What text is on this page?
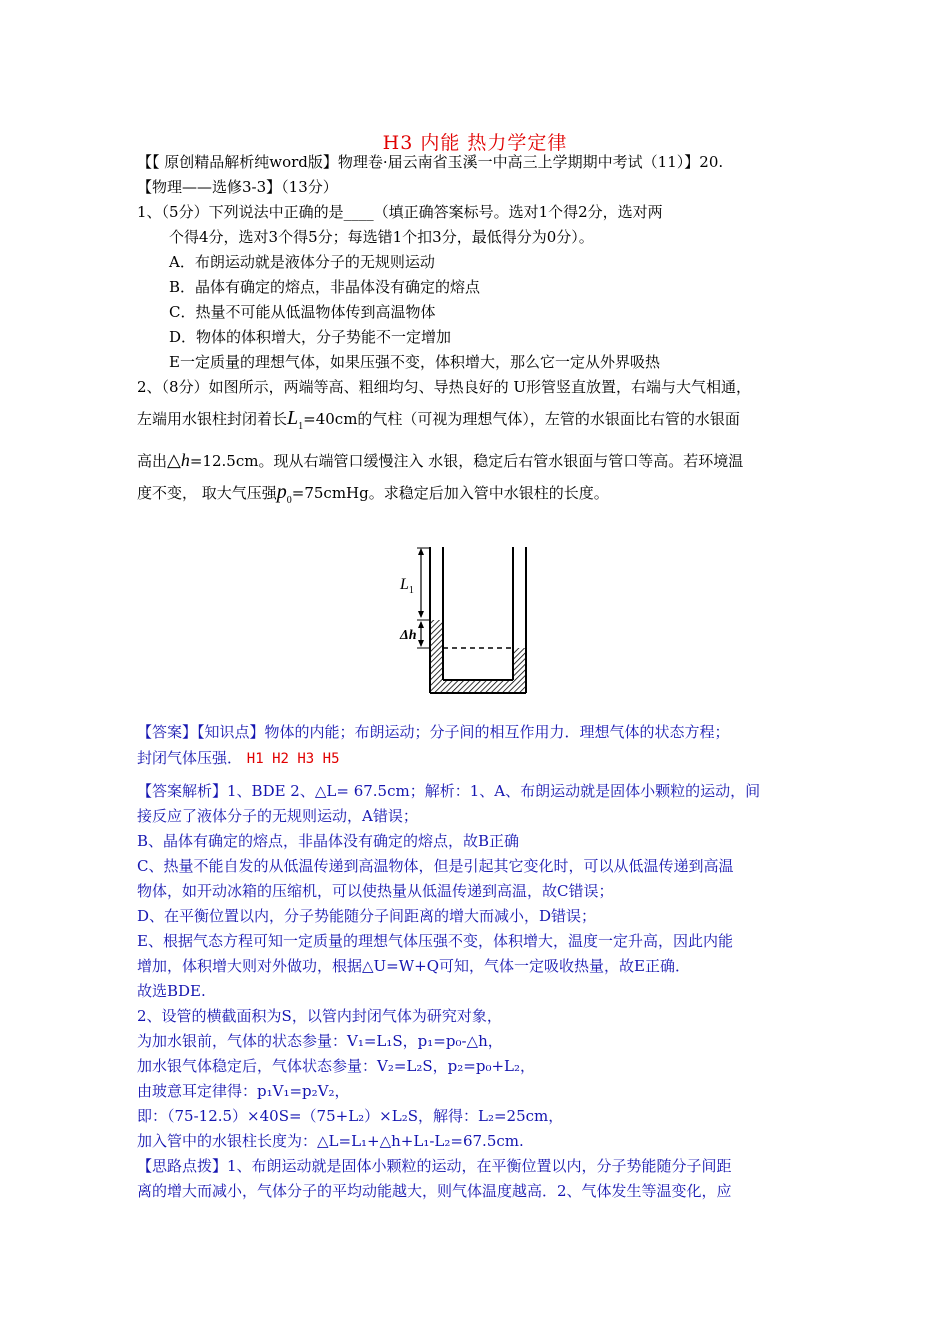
H3 内能 热力学定律
【【 原创精品解析纯word版】物理卷·届云南省玉溪一中高三上学期期中考试（11）】20.
【物理——选修3-3】（13分）
1、（5分）下列说法中正确的是____（填正确答案标号。选对1个得2分，选对两
个得4分，选对3个得5分；每选错1个扣3分，最低得分为0分）。
A．布朗运动就是液体分子的无规则运动
B．晶体有确定的熔点，非晶体没有确定的熔点
C．热量不可能从低温物体传到高温物体
D．物体的体积增大，分子势能不一定增加
E一定质量的理想气体，如果压强不变，体积增大，那么它一定从外界吸热
2、（8分）如图所示，两端等高、粗细均匀、导热良好的 U形管竖直放置，右端与大气相通，
左端用水银柱封闭着长$L_1=40cm$的气柱（可视为理想气体），左管的水银面比右管的水银面
高出△h=12.5cm。现从右端管口缓慢注入 水银，稳定后右管水银面与管口等高。若环境温
度不变， 取大气压强$p_0=75cmHg$。求稳定后加入管中水银柱的长度。
$L_1$
Δh
【答案】【知识点】物体的内能；布朗运动；分子间的相互作用力．理想气体的状态方程；
封闭气体压强． H1 H2 H3 H5
【答案解析】1、BDE 2、△L= 67.5cm；解析：1、A、布朗运动就是固体小颗粒的运动，间
接反应了液体分子的无规则运动，A错误；
B、晶体有确定的熔点，非晶体没有确定的熔点，故B正确
C、热量不能自发的从低温传递到高温物体，但是引起其它变化时，可以从低温传递到高温
物体，如开动冰箱的压缩机，可以使热量从低温传递到高温，故C错误；
D、在平衡位置以内，分子势能随分子间距离的增大而减小，D错误；
E、根据气态方程可知一定质量的理想气体压强不变，体积增大，温度一定升高，因此内能
增加，体积增大则对外做功，根据△U=W+Q可知，气体一定吸收热量，故E正确．
故选BDE.
2、设管的横截面积为S，以管内封闭气体为研究对象，
为加水银前，气体的状态参量：V₁=L₁S，p₁=p₀-△h，
加水银气体稳定后，气体状态参量：V₂=L₂S，p₂=p₀+L₂，
由玻意耳定律得：p₁V₁=p₂V₂，
即：（75-12.5）×40S=（75+L₂）×L₂S，解得：L₂=25cm，
加入管中的水银柱长度为：△L=L₁+△h+L₁-L₂=67.5cm.
【思路点拨】1、布朗运动就是固体小颗粒的运动，在平衡位置以内，分子势能随分子间距
离的增大而减小，气体分子的平均动能越大，则气体温度越高．2、气体发生等温变化，应
